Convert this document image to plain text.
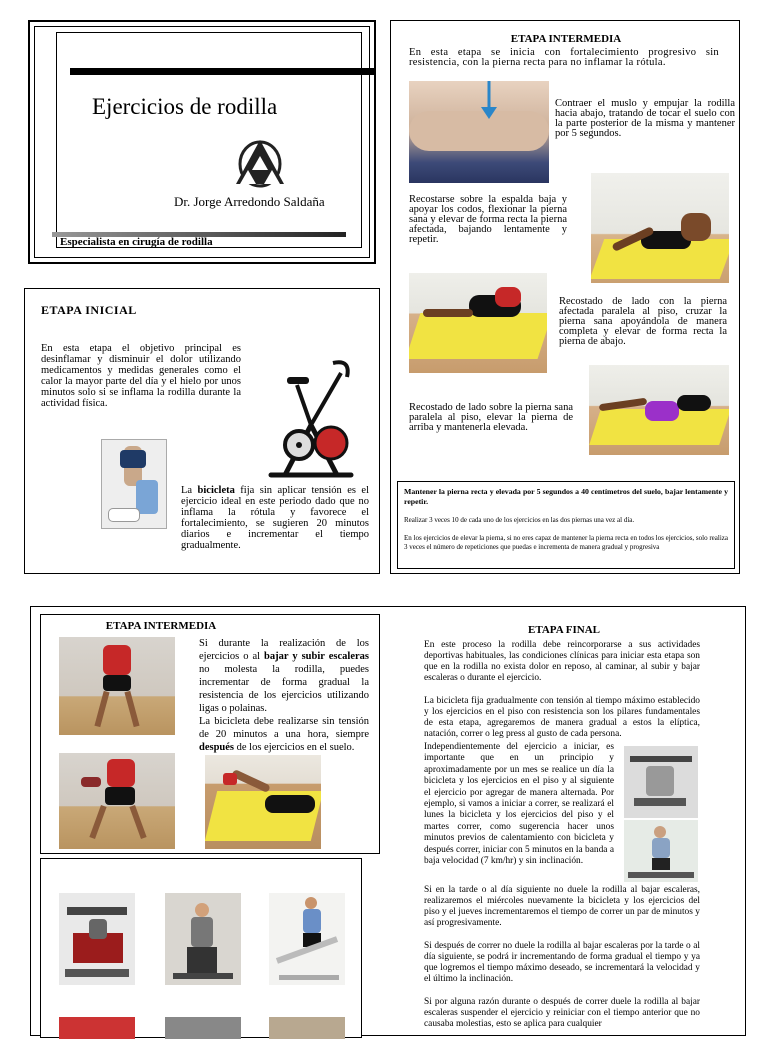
Ejercicios de rodilla
Dr. Jorge Arredondo Saldaña
Especialista en cirugía de rodilla
ETAPA INICIAL

En esta etapa el objetivo principal es desinflamar y disminuir el dolor utilizando medicamentos y medidas generales como el calor la mayor parte del día y el hielo por unos minutos solo si se inflama la rodilla durante la actividad física.

La bicicleta fija sin aplicar tensión es el ejercicio ideal en este periodo dado que no inflama la rótula y favorece el fortalecimiento, se sugieren 20 minutos diarios e incrementar el tiempo gradualmente.

ETAPA INTERMEDIA

En esta etapa se inicia con fortalecimiento progresivo sin resistencia, con la pierna recta para no inflamar la rótula.

Contraer el muslo y empujar la rodilla hacia abajo, tratando de tocar el suelo con la parte posterior de la misma y mantener por 5 segundos.

Recostarse sobre la espalda baja y apoyar los codos, flexionar la pierna sana y elevar de forma recta la pierna afectada, bajando lentamente y repetir.

Recostado de lado con la pierna afectada paralela al piso, cruzar la pierna sana apoyándola de manera completa y elevar de forma recta la pierna de abajo.

Recostado de lado sobre la pierna sana paralela al piso, elevar la pierna de arriba y mantenerla elevada.

Mantener la pierna recta y elevada por 5 segundos a 40 centímetros del suelo, bajar lentamente y repetir.

Realizar 3 veces 10 de cada uno de los ejercicios en las dos piernas una vez al día.

En los ejercicios de elevar la pierna, si no eres capaz de mantener la pierna recta en todos los ejercicios, solo realiza 3 veces el número de repeticiones que puedas e incrementa de manera gradual y progresiva

ETAPA INTERMEDIA

Si durante la realización de los ejercicios o al bajar y subir escaleras no molesta la rodilla, puedes incrementar de forma gradual la resistencia de los ejercicios utilizando ligas o polainas.

La bicicleta debe realizarse sin tensión de 20 minutos a una hora, siempre después de los ejercicios en el suelo.

ETAPA FINAL

En este proceso la rodilla debe reincorporarse a sus actividades deportivas habituales, las condiciones clínicas para iniciar esta etapa son que en la rodilla no exista dolor en reposo, al caminar, al subir y bajar escaleras o durante el ejercicio.

La bicicleta fija gradualmente con tensión al tiempo máximo establecido y los ejercicios en el piso con resistencia son los pilares fundamentales de esta etapa, agregaremos de manera gradual a estos la elíptica, natación, correr o leg press al gusto de cada persona.

Independientemente del ejercicio a iniciar, es importante que en un principio y aproximadamente por un mes se realice un día la bicicleta y los ejercicios en el piso y al siguiente el ejercicio por agregar de manera alternada. Por ejemplo, si vamos a iniciar a correr, se realizará el lunes la bicicleta y los ejercicios del piso y el martes correr, como sugerencia hacer unos minutos previos de calentamiento con bicicleta y después correr, iniciar con 5 minutos en la banda a baja velocidad (7 km/hr) y sin inclinación.

Si en la tarde o al día siguiente no duele la rodilla al bajar escaleras, realizaremos el miércoles nuevamente la bicicleta y los ejercicios del piso y el jueves incrementaremos el tiempo de correr un par de minutos y así progresivamente.

Si después de correr no duele la rodilla al bajar escaleras por la tarde o al día siguiente, se podrá ir incrementando de forma gradual el tiempo y ya que logremos el tiempo máximo deseado, se incrementará la velocidad y el último la inclinación.

Si por alguna razón durante o después de correr duele la rodilla al bajar escaleras suspender el ejercicio y reiniciar con el tiempo anterior que no causaba molestias, esto se aplica para cualquier
